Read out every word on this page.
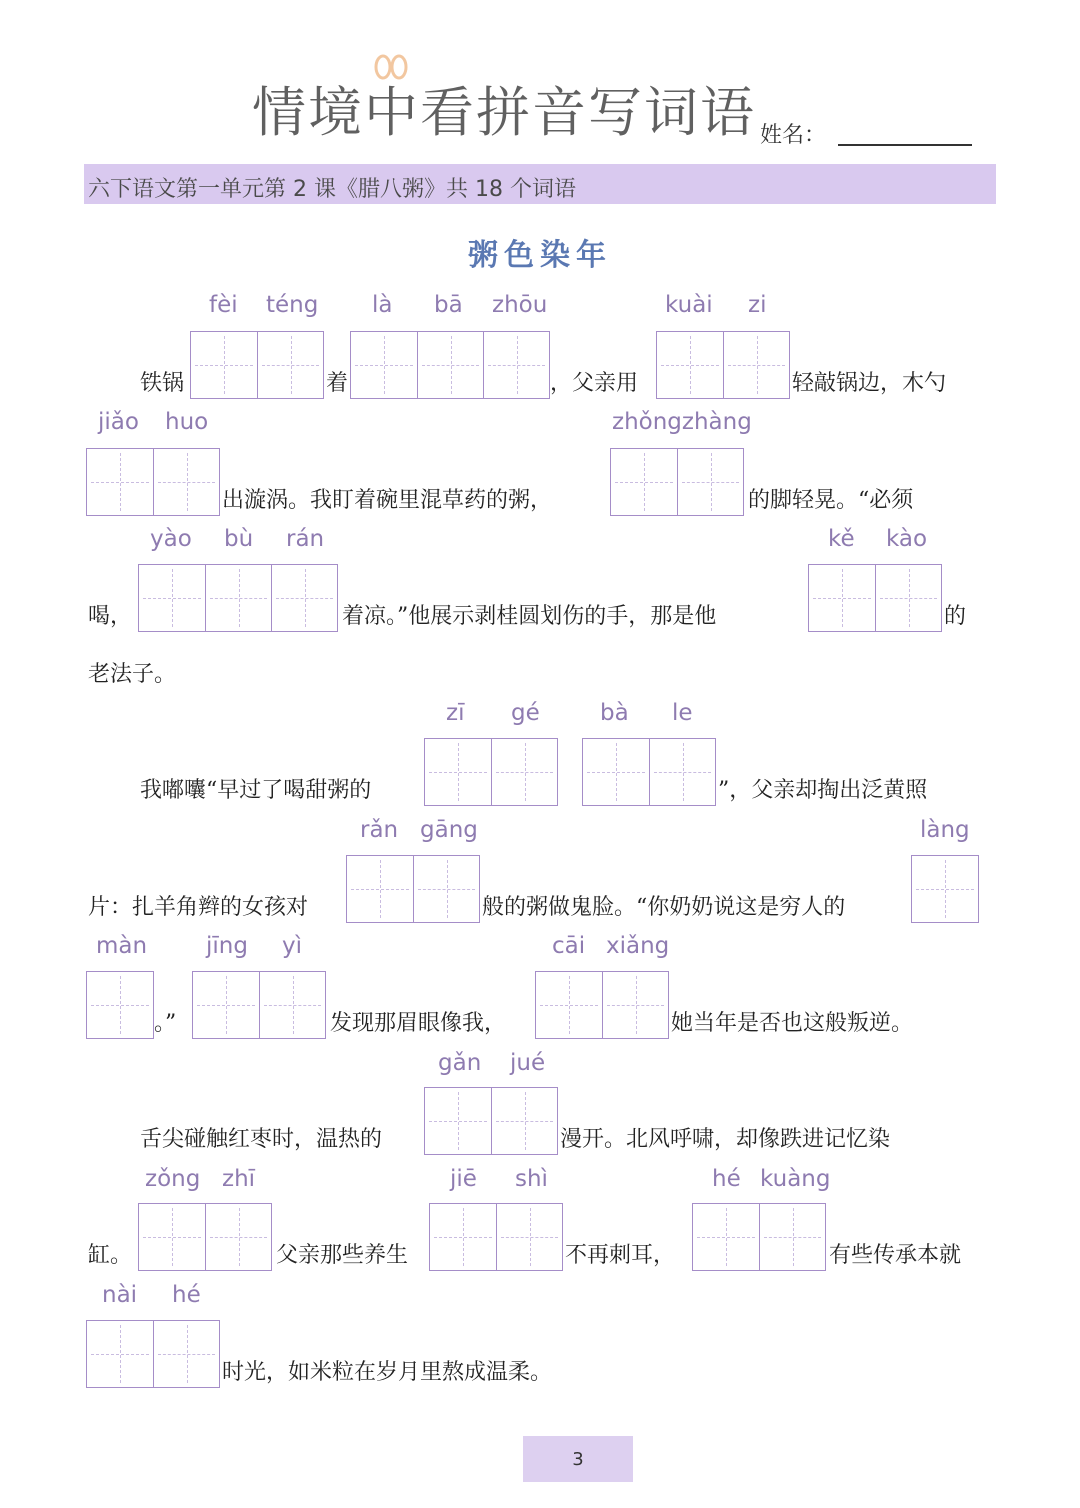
情境中看拼音写词语 姓名：
六下语文第一单元第 2 课《腊八粥》共 18 个词语
粥色染年
fèi téng là bā zhōu	kuài zi
铁锅	着	，父亲用	轻敲锅边，木勺
jiǎo huo	zhǒngzhàng
出漩涡。我盯着碗里混草药的粥，	的脚轻晃。“必须
yào bù rán	kě kào
喝，	着凉。”他展示剥桂圆划伤的手，那是他	的
老法子。
zī gé	bà le
我嘟囔“早过了喝甜粥的	”，父亲却掏出泛黄照
rǎn gāng	làng
片：扎羊角辫的女孩对	般的粥做鬼脸。“你奶奶说这是穷人的
màn	jīng yì	cāi xiǎng
。”	发现那眉眼像我，	她当年是否也这般叛逆。
gǎn jué
舌尖碰触红枣时，温热的	漫开。北风呼啸，却像跌进记忆染
zǒng zhī	jiē shì	hé kuàng
缸。	父亲那些养生	不再刺耳，	有些传承本就
nài hé
时光，如米粒在岁月里熬成温柔。
3
